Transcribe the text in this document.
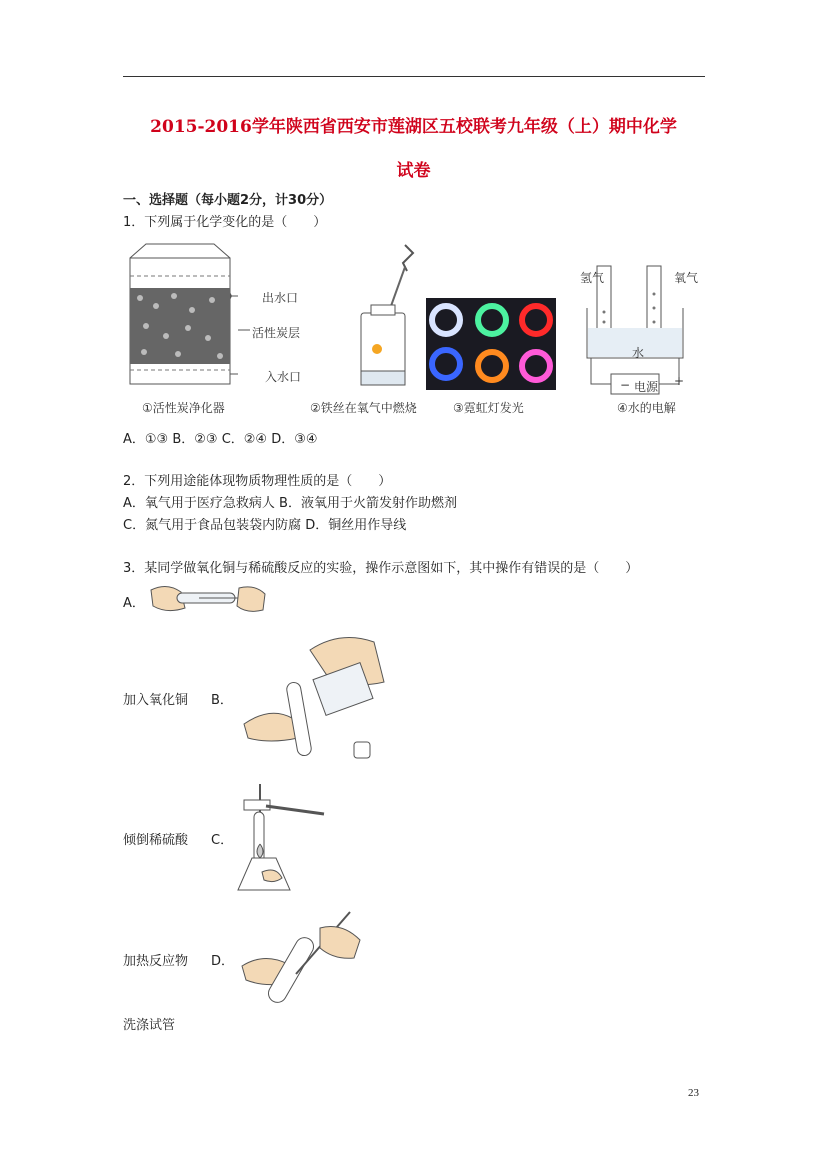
2015-2016学年陕西省西安市莲湖区五校联考九年级（上）期中化学
试卷
一、选择题（每小题2分，计30分）
1．下列属于化学变化的是（　　）
出水口
活性炭层
入水口
①活性炭净化器	②铁丝在氧气中燃烧	③霓虹灯发光
氢气	氧气
水
− 电源 +
④水的电解
A．①③ B．②③ C．②④ D．③④
2．下列用途能体现物质物理性质的是（　　）
A．氧气用于医疗急救病人 B．液氧用于火箭发射作助燃剂
C．氮气用于食品包装袋内防腐 D．铜丝用作导线
3．某同学做氧化铜与稀硫酸反应的实验，操作示意图如下，其中操作有错误的是（　　）
A．
加入氧化铜 B．
倾倒稀硫酸 C．
加热反应物 D．
洗涤试管
23
